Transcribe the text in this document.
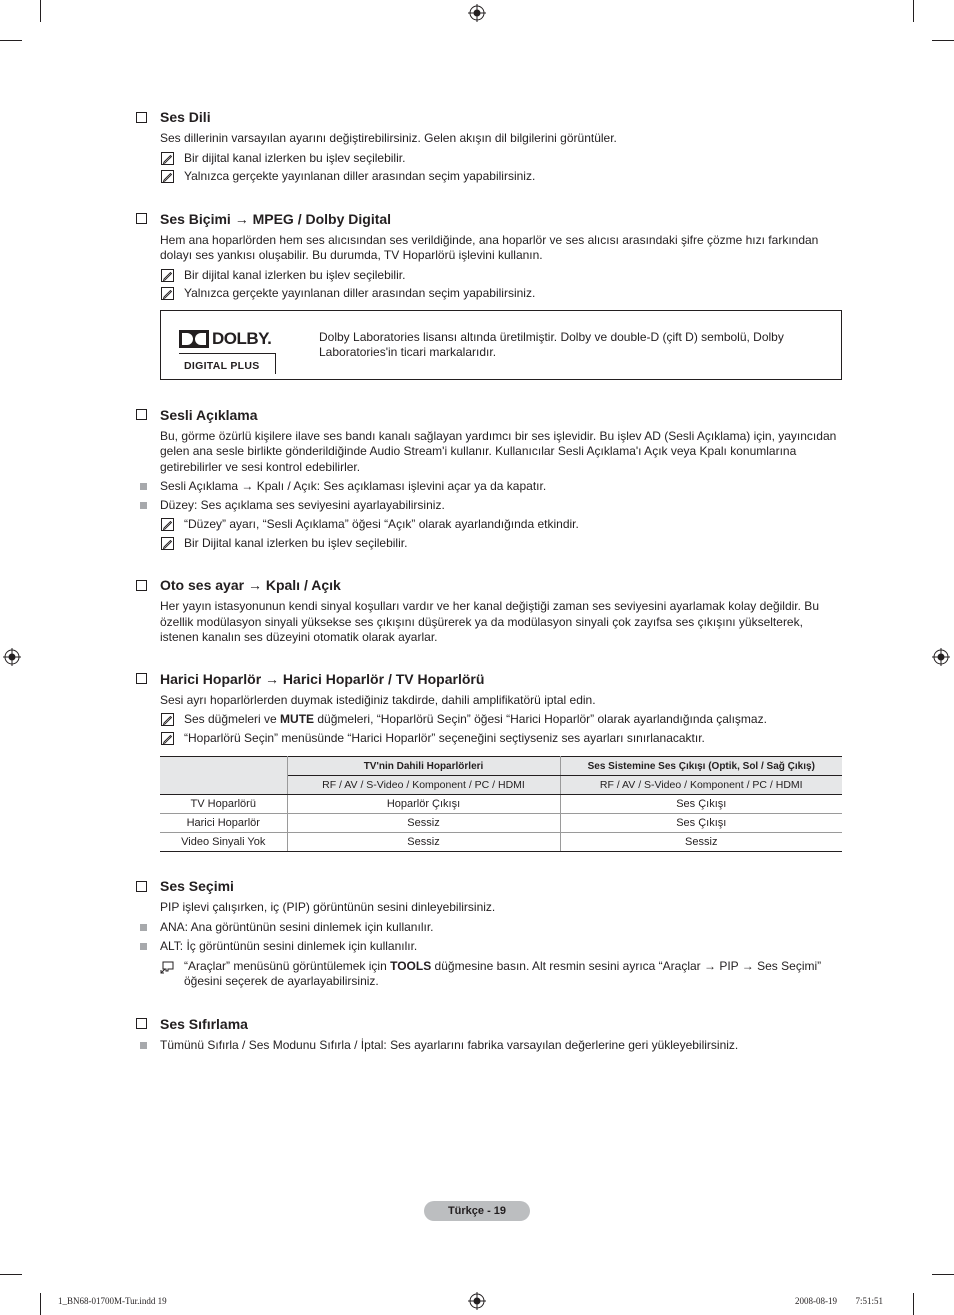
Ses Dili
Ses dillerinin varsayılan ayarını değiştirebilirsiniz. Gelen akışın dil bilgilerini görüntüler.
Bir dijital kanal izlerken bu işlev seçilebilir.
Yalnızca gerçekte yayınlanan diller arasından seçim yapabilirsiniz.
Ses Biçimi → MPEG / Dolby Digital
Hem ana hoparlörden hem ses alıcısından ses verildiğinde, ana hoparlör ve ses alıcısı arasındaki şifre çözme hızı farkından dolayı ses yankısı oluşabilir. Bu durumda, TV Hoparlörü işlevini kullanın.
Bir dijital kanal izlerken bu işlev seçilebilir.
Yalnızca gerçekte yayınlanan diller arasından seçim yapabilirsiniz.
DOLBY.
DIGITAL PLUS
Dolby Laboratories lisansı altında üretilmiştir. Dolby ve double-D (çift D) sembolü, Dolby Laboratories'in ticari markalarıdır.
Sesli Açıklama
Bu, görme özürlü kişilere ilave ses bandı kanalı sağlayan yardımcı bir ses işlevidir. Bu işlev AD (Sesli Açıklama) için, yayıncıdan gelen ana sesle birlikte gönderildiğinde Audio Stream'i kullanır. Kullanıcılar Sesli Açıklama'ı Açık veya Kpalı konumlarına getirebilirler ve sesi kontrol edebilirler.
Sesli Açıklama → Kpalı / Açık: Ses açıklaması işlevini açar ya da kapatır.
Düzey: Ses açıklama ses seviyesini ayarlayabilirsiniz.
“Düzey” ayarı, “Sesli Açıklama” öğesi “Açık” olarak ayarlandığında etkindir.
Bir Dijital kanal izlerken bu işlev seçilebilir.
Oto ses ayar → Kpalı / Açık
Her yayın istasyonunun kendi sinyal koşulları vardır ve her kanal değiştiği zaman ses seviyesini ayarlamak kolay değildir. Bu özellik modülasyon sinyali yüksekse ses çıkışını düşürerek ya da modülasyon sinyali çok zayıfsa ses çıkışını yükselterek, istenen kanalın ses düzeyini otomatik olarak ayarlar.
Harici Hoparlör → Harici Hoparlör / TV Hoparlörü
Sesi ayrı hoparlörlerden duymak istediğiniz takdirde, dahili amplifikatörü iptal edin.
Ses düğmeleri ve MUTE düğmeleri, “Hoparlörü Seçin” öğesi “Harici Hoparlör” olarak ayarlandığında çalışmaz.
“Hoparlörü Seçin” menüsünde “Harici Hoparlör” seçeneğini seçtiyseniz ses ayarları sınırlanacaktır.
	TV'nin Dahili Hoparlörleri	Ses Sistemine Ses Çıkışı (Optik, Sol / Sağ Çıkış)
	RF / AV / S-Video / Komponent / PC / HDMI	RF / AV / S-Video / Komponent / PC / HDMI
TV Hoparlörü	Hoparlör Çıkışı	Ses Çıkışı
Harici Hoparlör	Sessiz	Ses Çıkışı
Video Sinyali Yok	Sessiz	Sessiz
Ses Seçimi
PIP işlevi çalışırken, iç (PIP) görüntünün sesini dinleyebilirsiniz.
ANA: Ana görüntünün sesini dinlemek için kullanılır.
ALT: İç görüntünün sesini dinlemek için kullanılır.
“Araçlar” menüsünü görüntülemek için TOOLS düğmesine basın. Alt resmin sesini ayrıca “Araçlar → PIP → Ses Seçimi” öğesini seçerek de ayarlayabilirsiniz.
Ses Sıfırlama
Tümünü Sıfırla / Ses Modunu Sıfırla / İptal: Ses ayarlarını fabrika varsayılan değerlerine geri yükleyebilirsiniz.
Türkçe - 19
1_BN68-01700M-Tur.indd 19	2008-08-19 ￿￿ 7:51:51
